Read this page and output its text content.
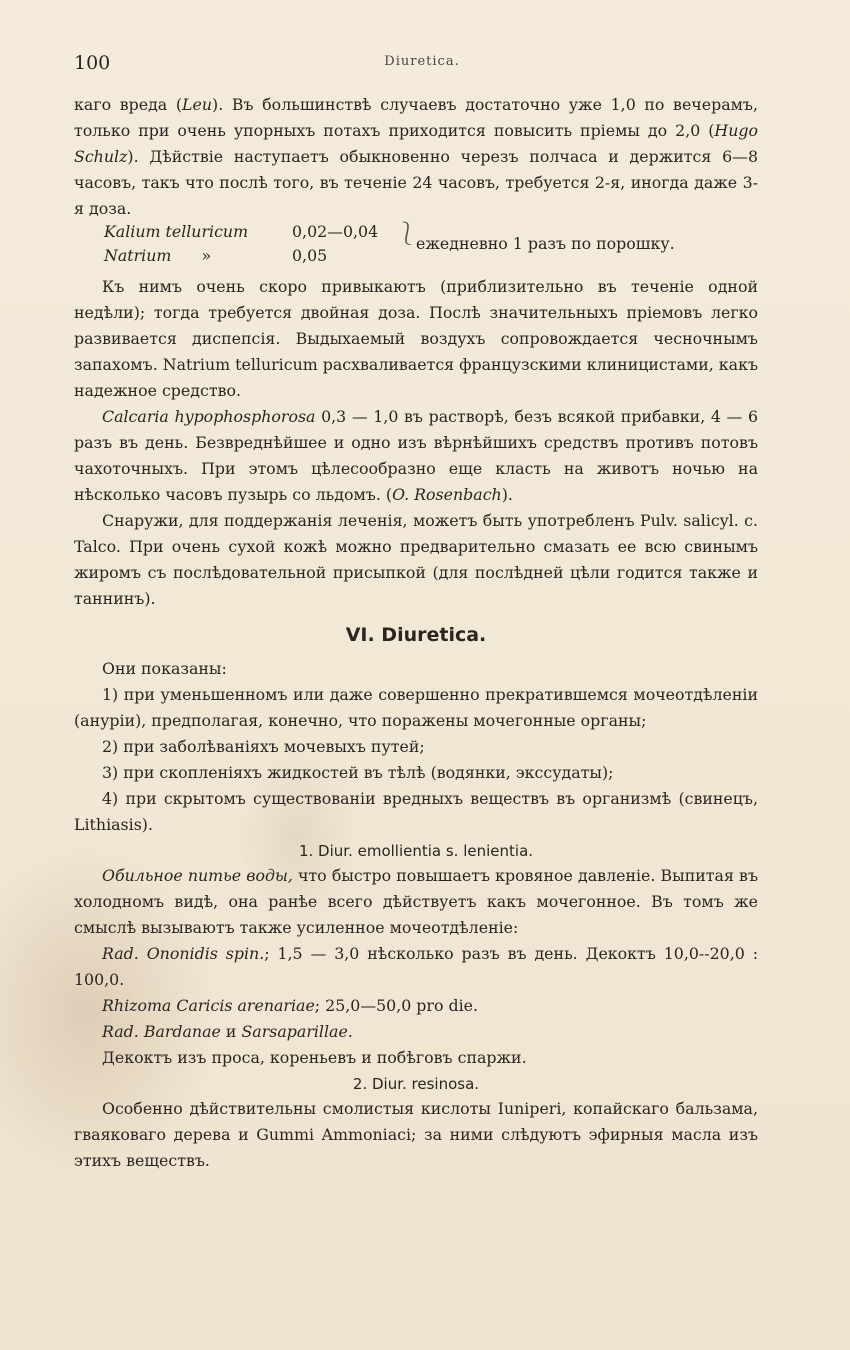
100	Diuretica.

каго вреда (Leu). Въ большинствѣ случаевъ достаточно уже 1,0 по вечерамъ, только при очень упорныхъ потахъ приходится повысить пріемы до 2,0 (Hugo Schulz). Дѣйствіе наступаетъ обыкновенно черезъ полчаса и держится 6—8 часовъ, такъ что послѣ того, въ теченіе 24 часовъ, требуется 2-я, иногда даже 3-я доза.

Kalium telluricum	0,02—0,04
Natrium »	0,05
⎱
ежедневно 1 разъ по порошку.

Къ нимъ очень скоро привыкаютъ (приблизительно въ теченіе одной недѣли); тогда требуется двойная доза. Послѣ значительныхъ пріемовъ легко развивается диспепсія. Выдыхаемый воздухъ сопровождается чесночнымъ запахомъ. Natrium telluricum расхваливается французскими клиницистами, какъ надежное средство.

Calcaria hypophosphorosa 0,3 — 1,0 въ растворѣ, безъ всякой прибавки, 4 — 6 разъ въ день. Безвреднѣйшее и одно изъ вѣрнѣйшихъ средствъ противъ потовъ чахоточныхъ. При этомъ цѣлесообразно еще класть на животъ ночью на нѣсколько часовъ пузырь со льдомъ. (O. Rosenbach).

Снаружи, для поддержанія леченія, можетъ быть употребленъ Pulv. salicyl. c. Talco. При очень сухой кожѣ можно предварительно смазать ее всю свинымъ жиромъ съ послѣдовательной присыпкой (для послѣдней цѣли годится также и таннинъ).

VI. Diuretica.

Они показаны:

1) при уменьшенномъ или даже совершенно прекратившемся мочеотдѣленіи (ануріи), предполагая, конечно, что поражены мочегонные органы;

2) при заболѣваніяхъ мочевыхъ путей;

3) при скопленіяхъ жидкостей въ тѣлѣ (водянки, экссудаты);

4) при скрытомъ существованіи вредныхъ веществъ въ организмѣ (свинецъ, Lithiasis).

1. Diur. emollientia s. lenientia.

Обильное питье воды, что быстро повышаетъ кровяное давленіе. Выпитая въ холодномъ видѣ, она ранѣе всего дѣйствуетъ какъ мочегонное. Въ томъ же смыслѣ вызываютъ также усиленное мочеотдѣленіе:

Rad. Ononidis spin.; 1,5 — 3,0 нѣсколько разъ въ день. Декоктъ 10,0--20,0 : 100,0.

Rhizoma Caricis arenariae; 25,0—50,0 pro die.

Rad. Bardanae и Sarsaparillae.

Декоктъ изъ проса, кореньевъ и побѣговъ спаржи.

2. Diur. resinosa.

Особенно дѣйствительны смолистыя кислоты Iuniperi, копайскаго бальзама, гваяковаго дерева и Gummi Ammoniaci; за ними слѣдуютъ эфирныя масла изъ этихъ веществъ.
